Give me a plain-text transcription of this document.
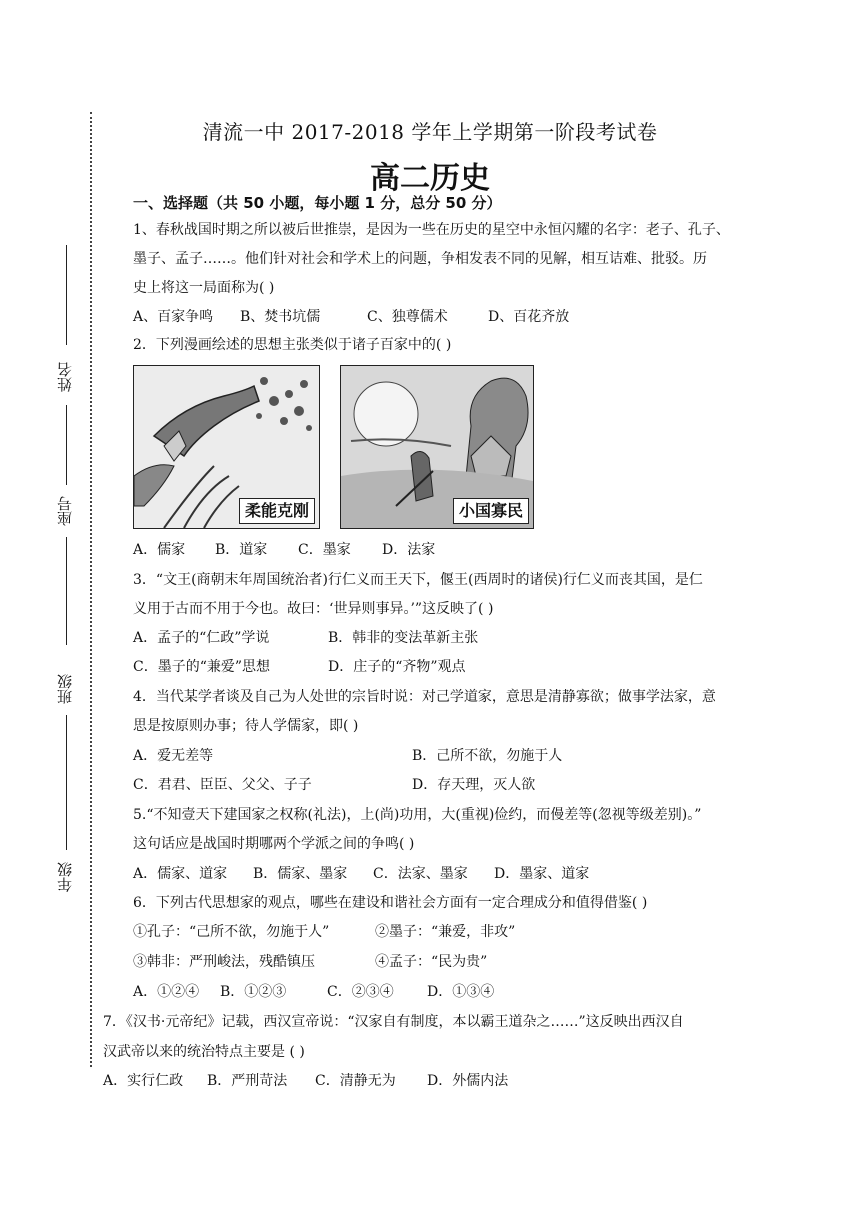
姓名
座号
班级
年级
清流一中 2017-2018 学年上学期第一阶段考试卷
高二历史
一、选择题（共 50 小题，每小题 1 分，总分 50 分）
1、春秋战国时期之所以被后世推崇，是因为一些在历史的星空中永恒闪耀的名字：老子、孔子、
墨子、孟子……。他们针对社会和学术上的问题，争相发表不同的见解，相互诘难、批驳。历
史上将这一局面称为( )
A、百家争鸣 B、焚书坑儒	C、独尊儒术	D、百花齐放
2．下列漫画绘述的思想主张类似于诸子百家中的( )
柔能克刚	小国寡民
A．儒家 B．道家 C．墨家 D．法家
3．“文王(商朝末年周国统治者)行仁义而王天下，偃王(西周时的诸侯)行仁义而丧其国，是仁
义用于古而不用于今也。故曰：‘世异则事异。’”这反映了( )
A．孟子的“仁政”学说	B．韩非的变法革新主张
C．墨子的“兼爱”思想	D．庄子的“齐物”观点
4．当代某学者谈及自己为人处世的宗旨时说：对己学道家，意思是清静寡欲；做事学法家，意
思是按原则办事；待人学儒家，即( )
A．爱无差等	B．己所不欲，勿施于人
C．君君、臣臣、父父、子子	D．存天理，灭人欲
5.“不知壹天下建国家之权称(礼法)，上(尚)功用，大(重视)俭约，而僈差等(忽视等级差别)。”
这句话应是战国时期哪两个学派之间的争鸣( )
A．儒家、道家 B．儒家、墨家 C．法家、墨家 D．墨家、道家
6．下列古代思想家的观点，哪些在建设和谐社会方面有一定合理成分和值得借鉴( )
①孔子：“己所不欲，勿施于人”	②墨子：“兼爱，非攻”
③韩非：严刑峻法，残酷镇压	④孟子：“民为贵”
A．①②④ B．①②③	C．②③④ D．①③④
7．《汉书·元帝纪》记载，西汉宣帝说：“汉家自有制度，本以霸王道杂之……”这反映出西汉自
汉武帝以来的统治特点主要是 ( )
A．实行仁政 B．严刑苛法 C．清静无为 D．外儒内法
